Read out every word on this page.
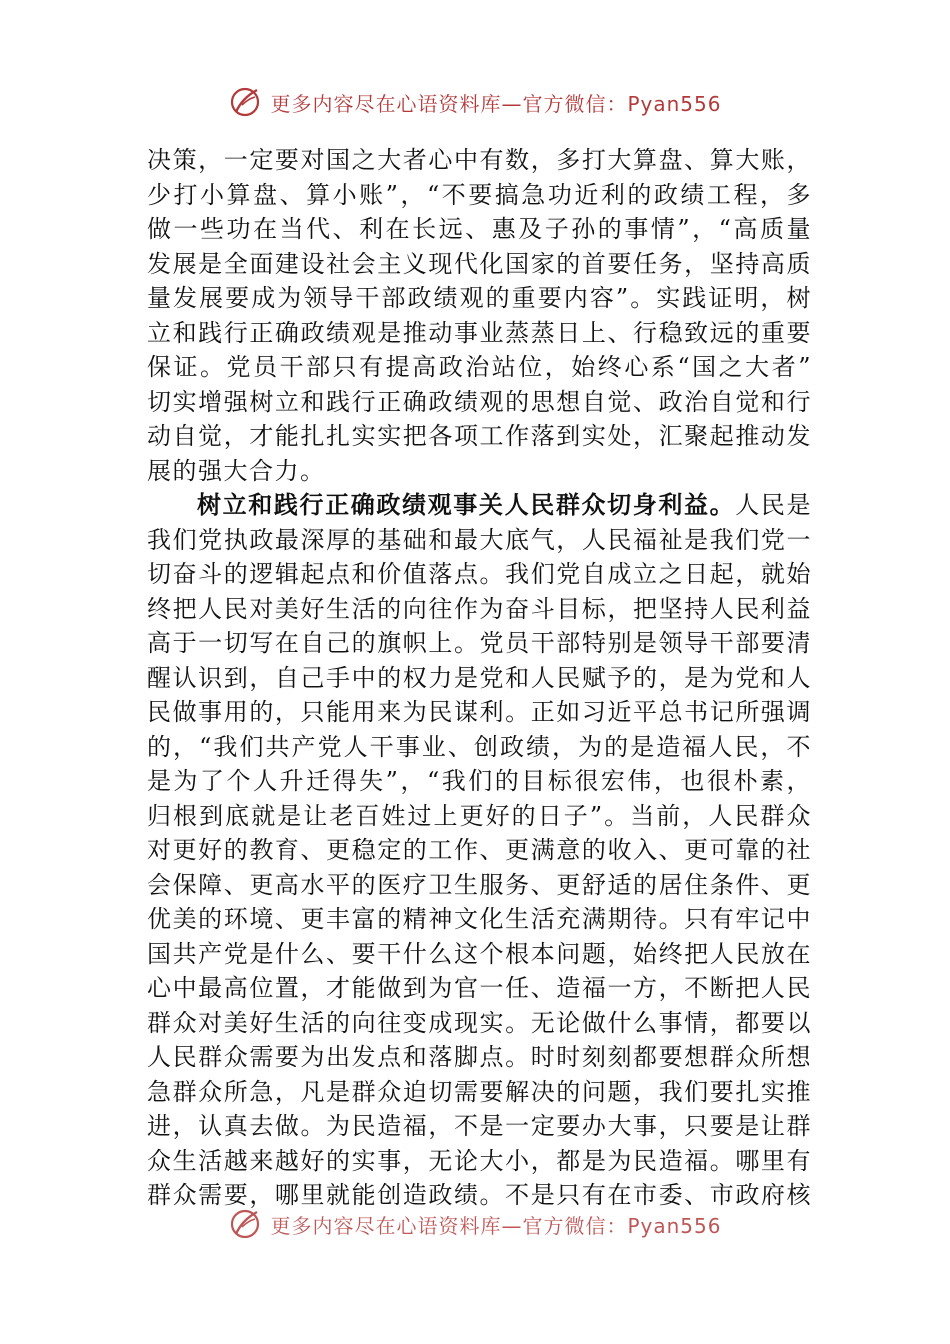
更多内容尽在心语资料库—官方微信：Pyan556
决策，一定要对国之大者心中有数，多打大算盘、算大账，
少打小算盘、算小账”，“不要搞急功近利的政绩工程，多
做一些功在当代、利在长远、惠及子孙的事情”，“高质量
发展是全面建设社会主义现代化国家的首要任务，坚持高质
量发展要成为领导干部政绩观的重要内容”。实践证明，树
立和践行正确政绩观是推动事业蒸蒸日上、行稳致远的重要
保证。党员干部只有提高政治站位，始终心系“国之大者”
切实增强树立和践行正确政绩观的思想自觉、政治自觉和行
动自觉，才能扎扎实实把各项工作落到实处，汇聚起推动发
展的强大合力。
树立和践行正确政绩观事关人民群众切身利益。人民是
我们党执政最深厚的基础和最大底气，人民福祉是我们党一
切奋斗的逻辑起点和价值落点。我们党自成立之日起，就始
终把人民对美好生活的向往作为奋斗目标，把坚持人民利益
高于一切写在自己的旗帜上。党员干部特别是领导干部要清
醒认识到，自己手中的权力是党和人民赋予的，是为党和人
民做事用的，只能用来为民谋利。正如习近平总书记所强调
的，“我们共产党人干事业、创政绩，为的是造福人民，不
是为了个人升迁得失”，“我们的目标很宏伟，也很朴素，
归根到底就是让老百姓过上更好的日子”。当前，人民群众
对更好的教育、更稳定的工作、更满意的收入、更可靠的社
会保障、更高水平的医疗卫生服务、更舒适的居住条件、更
优美的环境、更丰富的精神文化生活充满期待。只有牢记中
国共产党是什么、要干什么这个根本问题，始终把人民放在
心中最高位置，才能做到为官一任、造福一方，不断把人民
群众对美好生活的向往变成现实。无论做什么事情，都要以
人民群众需要为出发点和落脚点。时时刻刻都要想群众所想
急群众所急，凡是群众迫切需要解决的问题，我们要扎实推
进，认真去做。为民造福，不是一定要办大事，只要是让群
众生活越来越好的实事，无论大小，都是为民造福。哪里有
群众需要，哪里就能创造政绩。不是只有在市委、市政府核
更多内容尽在心语资料库—官方微信：Pyan556
